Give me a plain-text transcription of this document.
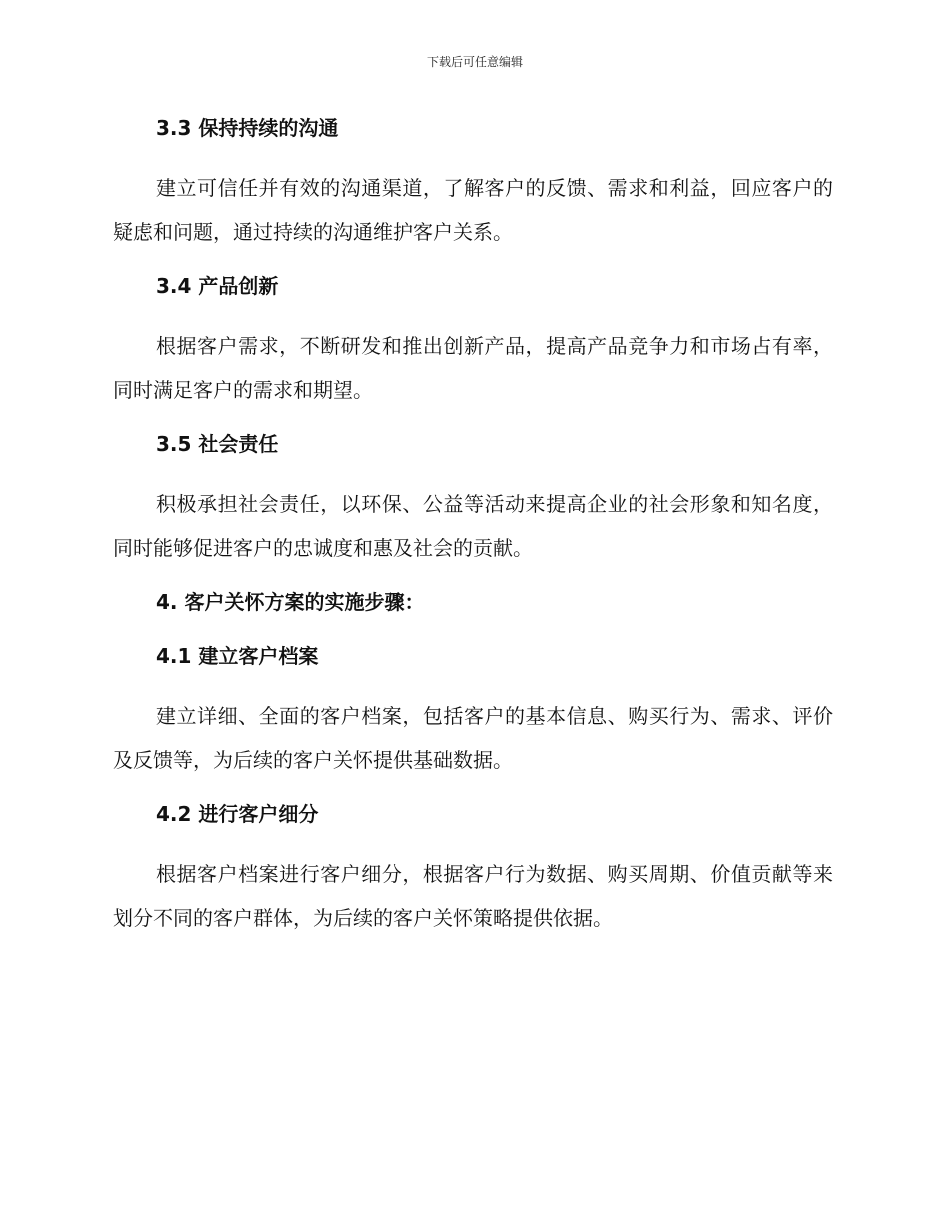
下载后可任意编辑
3.3 保持持续的沟通
建立可信任并有效的沟通渠道，了解客户的反馈、需求和利益，回应客户的疑虑和问题，通过持续的沟通维护客户关系。
3.4 产品创新
根据客户需求，不断研发和推出创新产品，提高产品竞争力和市场占有率，同时满足客户的需求和期望。
3.5 社会责任
积极承担社会责任，以环保、公益等活动来提高企业的社会形象和知名度，同时能够促进客户的忠诚度和惠及社会的贡献。
4. 客户关怀方案的实施步骤：
4.1 建立客户档案
建立详细、全面的客户档案，包括客户的基本信息、购买行为、需求、评价及反馈等，为后续的客户关怀提供基础数据。
4.2 进行客户细分
根据客户档案进行客户细分，根据客户行为数据、购买周期、价值贡献等来划分不同的客户群体，为后续的客户关怀策略提供依据。
